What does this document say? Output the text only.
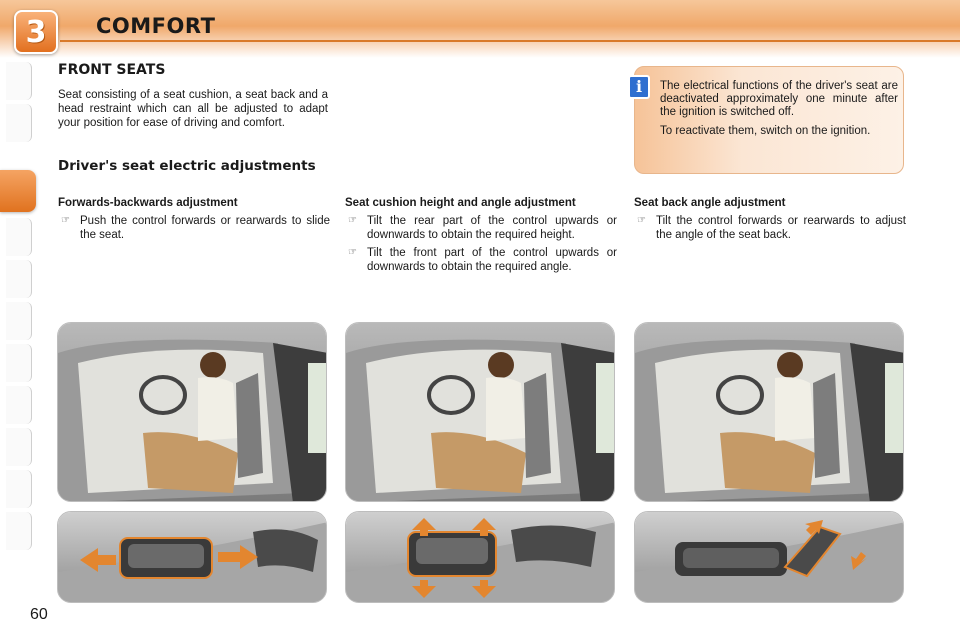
3 COMFORT
FRONT SEATS
Seat consisting of a seat cushion, a seat back and a head restraint which can all be adjusted to adapt your position for ease of driving and comfort.
Driver's seat electric adjustments
Forwards-backwards adjustment
☞ Push the control forwards or rearwards to slide the seat.
Seat cushion height and angle adjustment
☞ Tilt the rear part of the control upwards or downwards to obtain the required height.
☞ Tilt the front part of the control upwards or downwards to obtain the required angle.
Seat back angle adjustment
☞ Tilt the control forwards or rearwards to adjust the angle of the seat back.
i	The electrical functions of the driver's seat are deactivated approximately one minute after the ignition is switched off.

To reactivate them, switch on the ignition.

60
